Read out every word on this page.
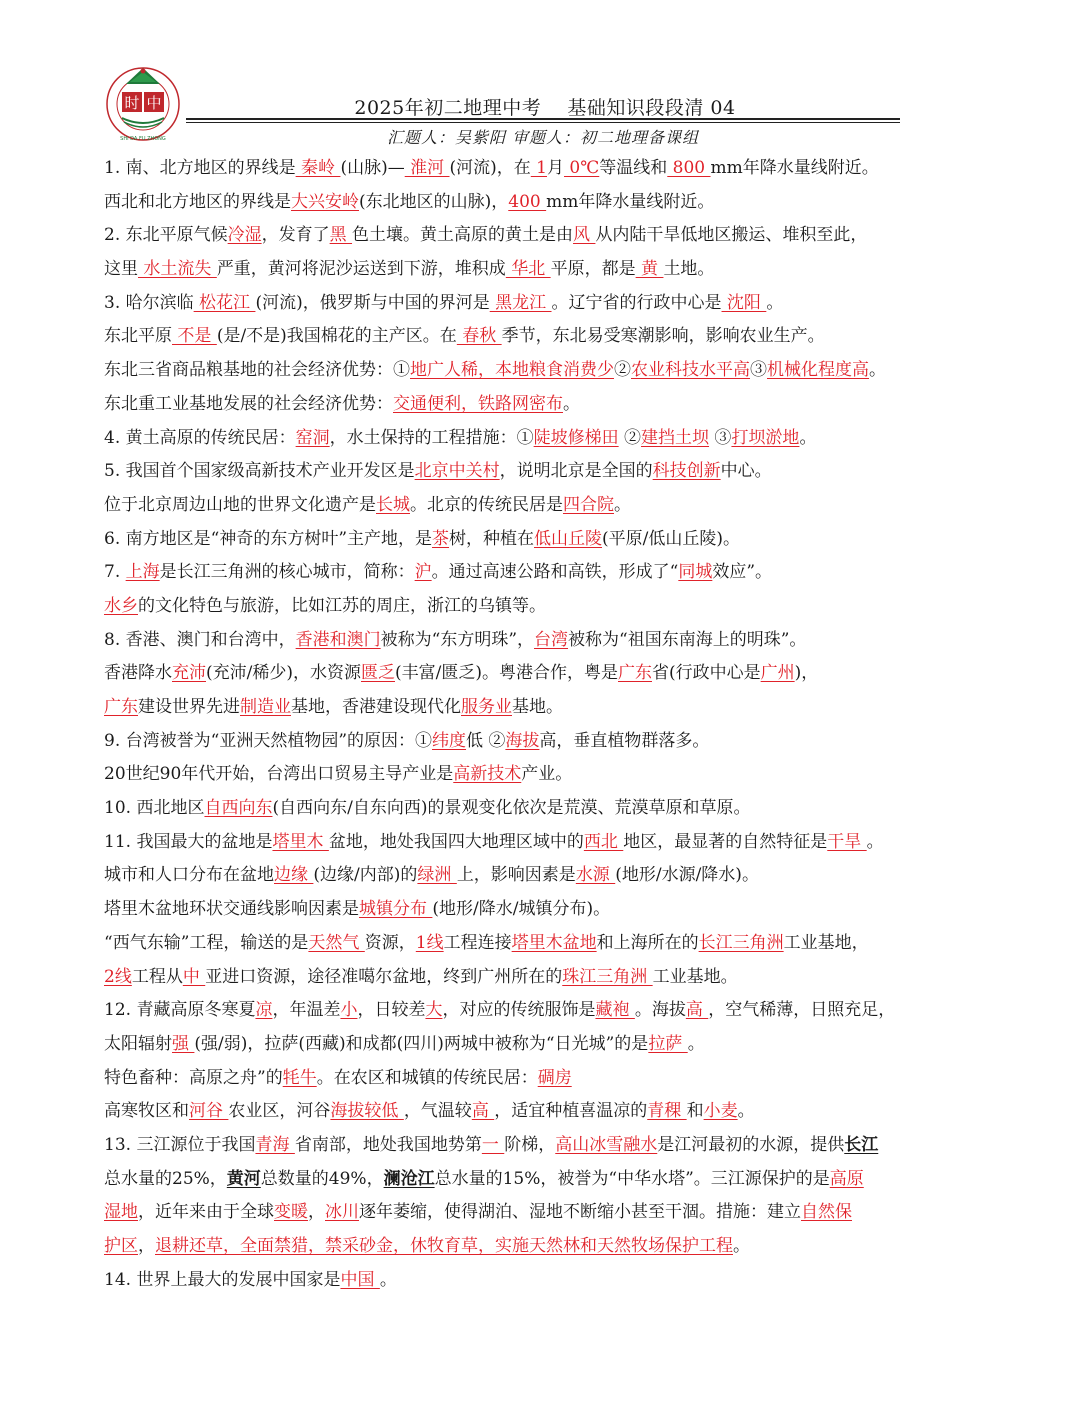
时 中
SHI DA FU ZHONG
2025年初二地理中考    基础知识段段清 04
汇题人：吴紫阳 审题人：初二地理备课组
1. 南、北方地区的界线是 秦岭 (山脉)— 淮河 (河流)，在 1月 0℃等温线和 800 mm年降水量线附近。
西北和北方地区的界线是大兴安岭(东北地区的山脉)，400 mm年降水量线附近。
2. 东北平原气候冷湿，发育了黑 色土壤。黄土高原的黄土是由风 从内陆干旱低地区搬运、堆积至此，
这里 水土流失 严重，黄河将泥沙运送到下游，堆积成 华北 平原，都是 黄 土地。
3. 哈尔滨临 松花江 (河流)，俄罗斯与中国的界河是 黑龙江 。辽宁省的行政中心是 沈阳 。
东北平原 不是 (是/不是)我国棉花的主产区。在 春秋 季节，东北易受寒潮影响，影响农业生产。
东北三省商品粮基地的社会经济优势：①地广人稀，本地粮食消费少②农业科技水平高③机械化程度高。
东北重工业基地发展的社会经济优势：交通便利，铁路网密布。
4. 黄土高原的传统民居：窑洞，水土保持的工程措施：①陡坡修梯田 ②建挡土坝 ③打坝淤地。
5. 我国首个国家级高新技术产业开发区是北京中关村，说明北京是全国的科技创新中心。
位于北京周边山地的世界文化遗产是长城。北京的传统民居是四合院。
6. 南方地区是“神奇的东方树叶”主产地，是茶树，种植在低山丘陵(平原/低山丘陵)。
7. 上海是长江三角洲的核心城市，简称：沪。通过高速公路和高铁，形成了“同城效应”。
水乡的文化特色与旅游，比如江苏的周庄，浙江的乌镇等。
8. 香港、澳门和台湾中，香港和澳门被称为“东方明珠”，台湾被称为“祖国东南海上的明珠”。
香港降水充沛(充沛/稀少)，水资源匮乏(丰富/匮乏)。粤港合作，粤是广东省(行政中心是广州)，
广东建设世界先进制造业基地，香港建设现代化服务业基地。
9. 台湾被誉为“亚洲天然植物园”的原因：①纬度低 ②海拔高，垂直植物群落多。
20世纪90年代开始，台湾出口贸易主导产业是高新技术产业。
10. 西北地区自西向东(自西向东/自东向西)的景观变化依次是荒漠、荒漠草原和草原。
11. 我国最大的盆地是塔里木 盆地，地处我国四大地理区域中的西北 地区，最显著的自然特征是干旱 。
城市和人口分布在盆地边缘 (边缘/内部)的绿洲 上，影响因素是水源 (地形/水源/降水)。
塔里木盆地环状交通线影响因素是城镇分布 (地形/降水/城镇分布)。
“西气东输”工程，输送的是天然气 资源，1线工程连接塔里木盆地和上海所在的长江三角洲工业基地，
2线工程从中 亚进口资源，途径准噶尔盆地，终到广州所在的珠江三角洲 工业基地。
12. 青藏高原冬寒夏凉，年温差小，日较差大，对应的传统服饰是藏袍 。海拔高 ，空气稀薄，日照充足，
太阳辐射强 (强/弱)，拉萨(西藏)和成都(四川)两城中被称为“日光城”的是拉萨 。
特色畜种：高原之舟”的牦牛。在农区和城镇的传统民居：碉房
高寒牧区和河谷 农业区，河谷海拔较低 ，气温较高 ，适宜种植喜温凉的青稞 和小麦。
13. 三江源位于我国青海 省南部，地处我国地势第一 阶梯，高山冰雪融水是江河最初的水源，提供长江
总水量的25%，黄河总数量的49%，澜沧江总水量的15%，被誉为“中华水塔”。三江源保护的是高原
湿地，近年来由于全球变暖，冰川逐年萎缩，使得湖泊、湿地不断缩小甚至干涸。措施：建立自然保
护区，退耕还草，全面禁猎，禁采砂金，休牧育草，实施天然林和天然牧场保护工程。
14. 世界上最大的发展中国家是中国 。
